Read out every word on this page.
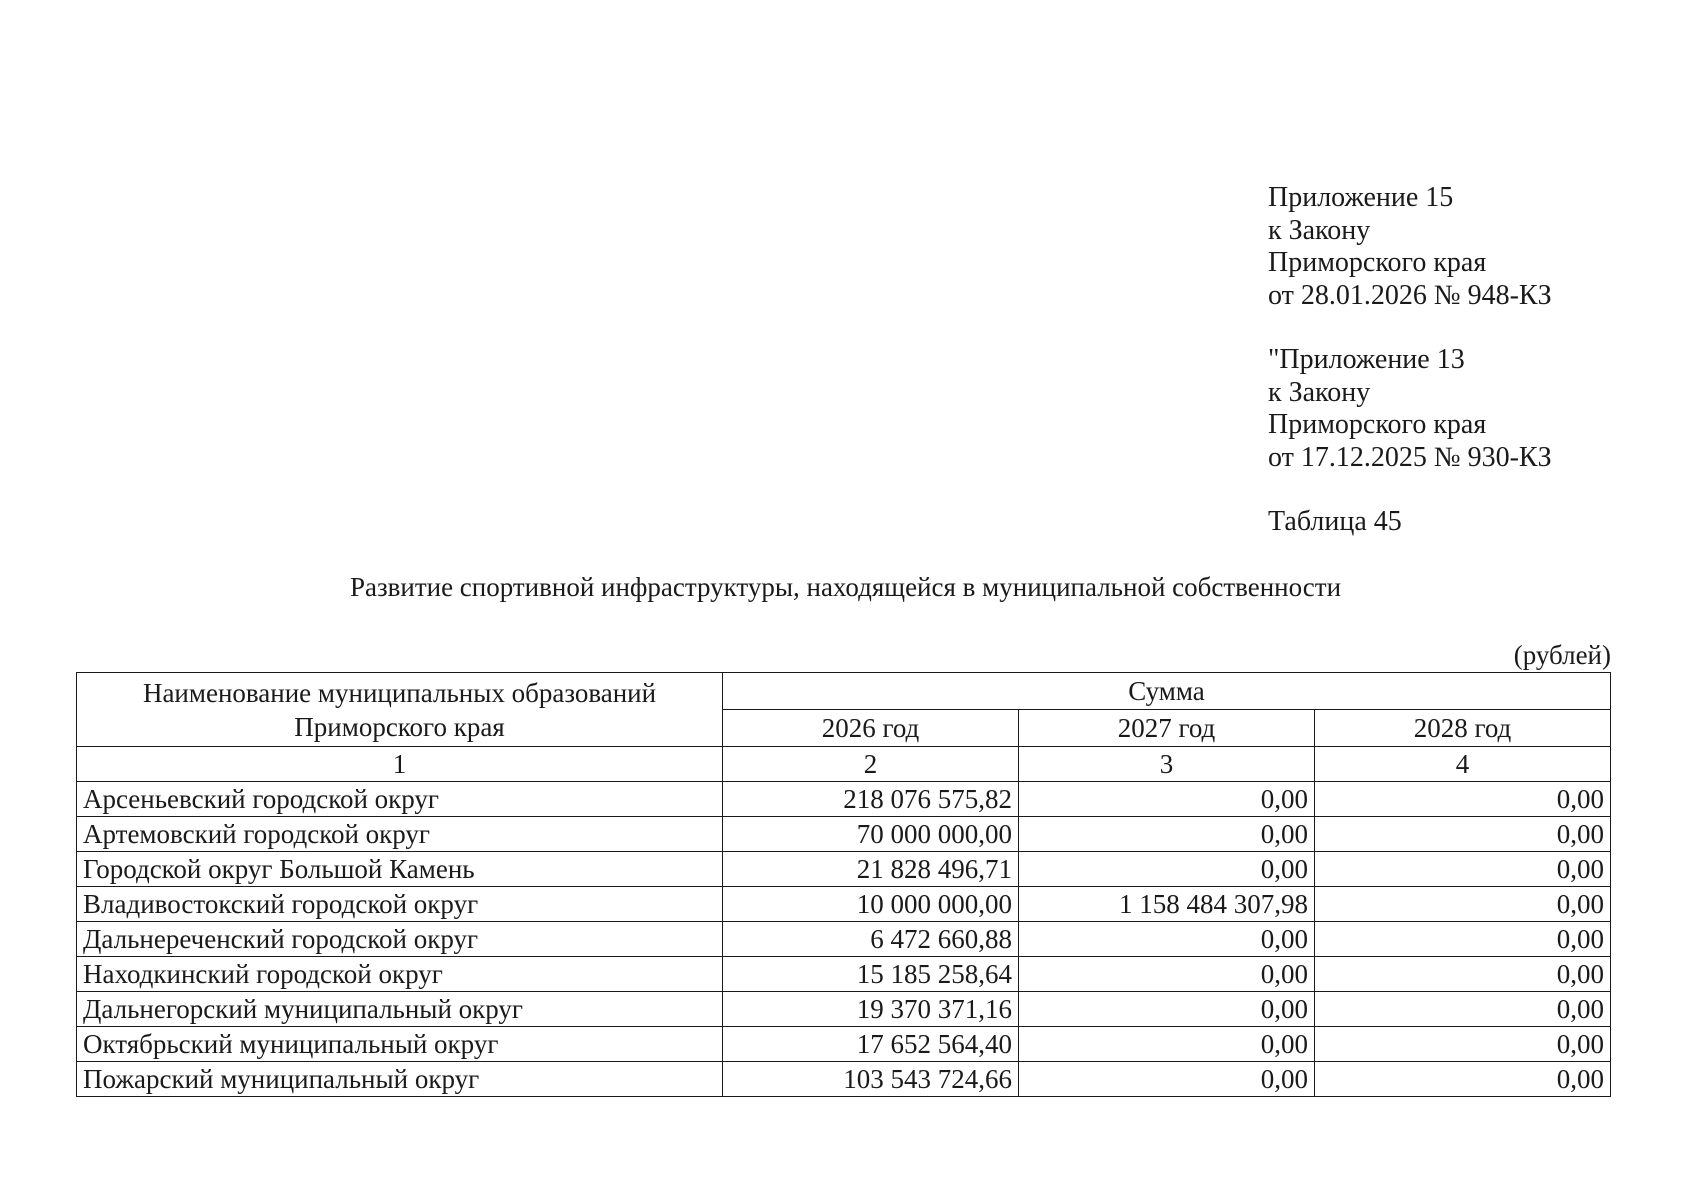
Приложение 15
к Закону
Приморского края
от 28.01.2026 № 948-КЗ
"Приложение 13
к Закону
Приморского края
от 17.12.2025 № 930-КЗ
Таблица 45
Развитие спортивной инфраструктуры, находящейся в муниципальной собственности
(рублей)
Наименование муниципальных образований Приморского края	Сумма		
	2026 год	2027 год	2028 год
1	2	3	4
Арсеньевский городской округ	218 076 575,82	0,00	0,00
Артемовский городской округ	70 000 000,00	0,00	0,00
Городской округ Большой Камень	21 828 496,71	0,00	0,00
Владивостокский городской округ	10 000 000,00	1 158 484 307,98	0,00
Дальнереченский городской округ	6 472 660,88	0,00	0,00
Находкинский городской округ	15 185 258,64	0,00	0,00
Дальнегорский муниципальный округ	19 370 371,16	0,00	0,00
Октябрьский муниципальный округ	17 652 564,40	0,00	0,00
Пожарский муниципальный округ	103 543 724,66	0,00	0,00
